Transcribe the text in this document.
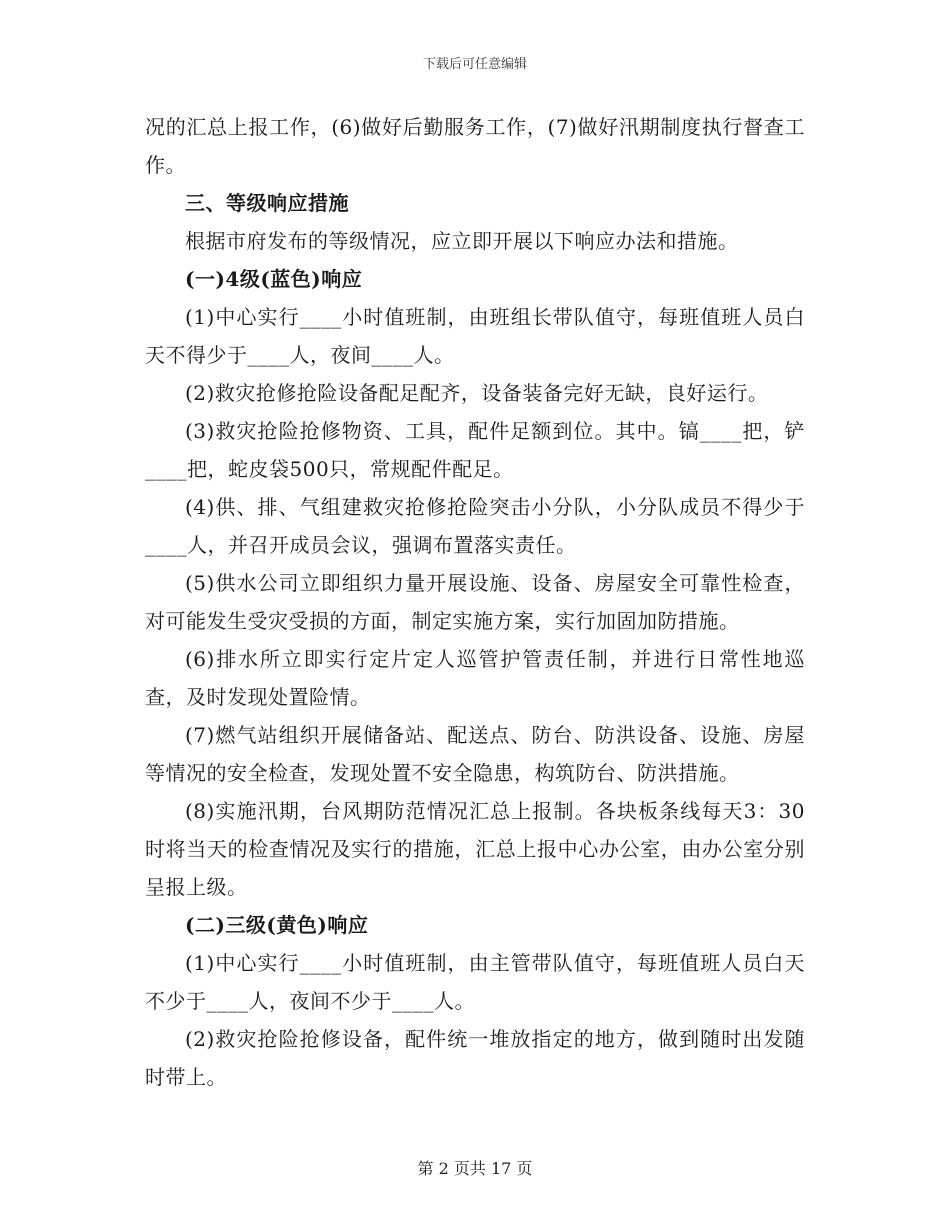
下载后可任意编辑

况的汇总上报工作，(6)做好后勤服务工作，(7)做好汛期制度执行督查工作。

三、等级响应措施

根据市府发布的等级情况，应立即开展以下响应办法和措施。

(一)4级(蓝色)响应

(1)中心实行____小时值班制，由班组长带队值守，每班值班人员白天不得少于____人，夜间____人。

(2)救灾抢修抢险设备配足配齐，设备装备完好无缺，良好运行。

(3)救灾抢险抢修物资、工具，配件足额到位。其中。镐____把，铲____把，蛇皮袋500只，常规配件配足。

(4)供、排、气组建救灾抢修抢险突击小分队，小分队成员不得少于____人，并召开成员会议，强调布置落实责任。

(5)供水公司立即组织力量开展设施、设备、房屋安全可靠性检查，对可能发生受灾受损的方面，制定实施方案，实行加固加防措施。

(6)排水所立即实行定片定人巡管护管责任制，并进行日常性地巡查，及时发现处置险情。

(7)燃气站组织开展储备站、配送点、防台、防洪设备、设施、房屋等情况的安全检查，发现处置不安全隐患，构筑防台、防洪措施。

(8)实施汛期，台风期防范情况汇总上报制。各块板条线每天3：30时将当天的检查情况及实行的措施，汇总上报中心办公室，由办公室分别呈报上级。

(二)三级(黄色)响应

(1)中心实行____小时值班制，由主管带队值守，每班值班人员白天不少于____人，夜间不少于____人。

(2)救灾抢险抢修设备，配件统一堆放指定的地方，做到随时出发随时带上。

第 2 页共 17 页
